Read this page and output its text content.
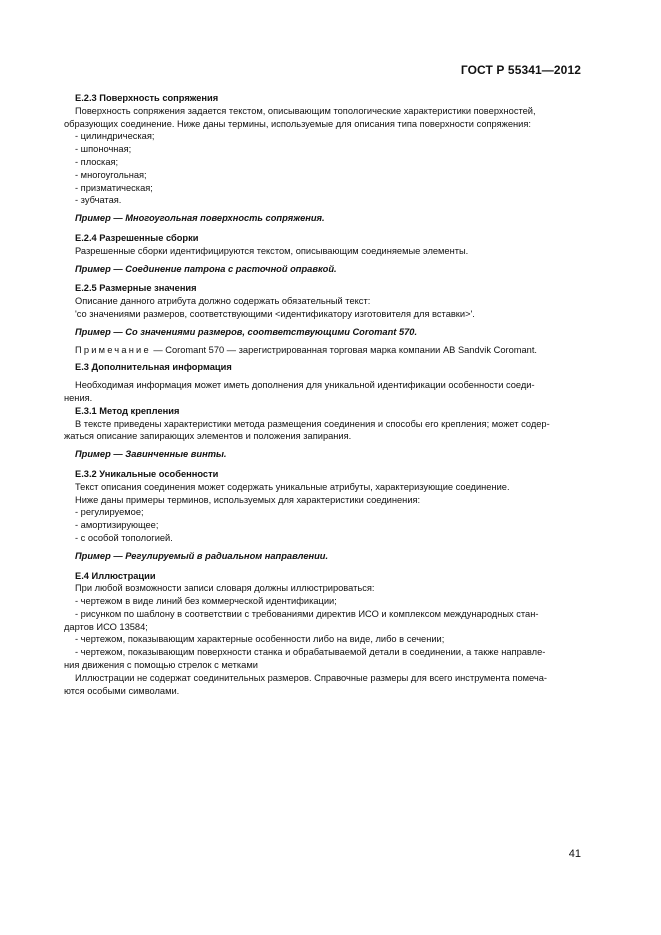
ГОСТ Р 55341—2012
Е.2.3 Поверхность сопряжения
Поверхность сопряжения задается текстом, описывающим топологические характеристики поверхностей,
образующих соединение. Ниже даны термины, используемые для описания типа поверхности сопряжения:
- цилиндрическая;
- шпоночная;
- плоская;
- многоугольная;
- призматическая;
- зубчатая.
Пример — Многоугольная поверхность сопряжения.
Е.2.4 Разрешенные сборки
Разрешенные сборки идентифицируются текстом, описывающим соединяемые элементы.
Пример — Соединение патрона с расточной оправкой.
Е.2.5 Размерные значения
Описание данного атрибута должно содержать обязательный текст:
'со значениями размеров, соответствующими <идентификатору изготовителя для вставки>'.
Пример — Со значениями размеров, соответствующими Coromant 570.
Примечание — Coromant 570 — зарегистрированная торговая марка компании AB Sandvik Coromant.
Е.3 Дополнительная информация
Необходимая информация может иметь дополнения для уникальной идентификации особенности соеди-
нения.
Е.3.1 Метод крепления
В тексте приведены характеристики метода размещения соединения и способы его крепления; может содер-
жаться описание запирающих элементов и положения запирания.
Пример — Завинченные винты.
Е.3.2 Уникальные особенности
Текст описания соединения может содержать уникальные атрибуты, характеризующие соединение.
Ниже даны примеры терминов, используемых для характеристики соединения:
- регулируемое;
- амортизирующее;
- с особой топологией.
Пример — Регулируемый в радиальном направлении.
Е.4 Иллюстрации
При любой возможности записи словаря должны иллюстрироваться:
- чертежом в виде линий без коммерческой идентификации;
- рисунком по шаблону в соответствии с требованиями директив ИСО и комплексом международных стан-
дартов ИСО 13584;
- чертежом, показывающим характерные особенности либо на виде, либо в сечении;
- чертежом, показывающим поверхности станка и обрабатываемой детали в соединении, а также направле-
ния движения с помощью стрелок с метками
Иллюстрации не содержат соединительных размеров. Справочные размеры для всего инструмента помеча-
ются особыми символами.
41
